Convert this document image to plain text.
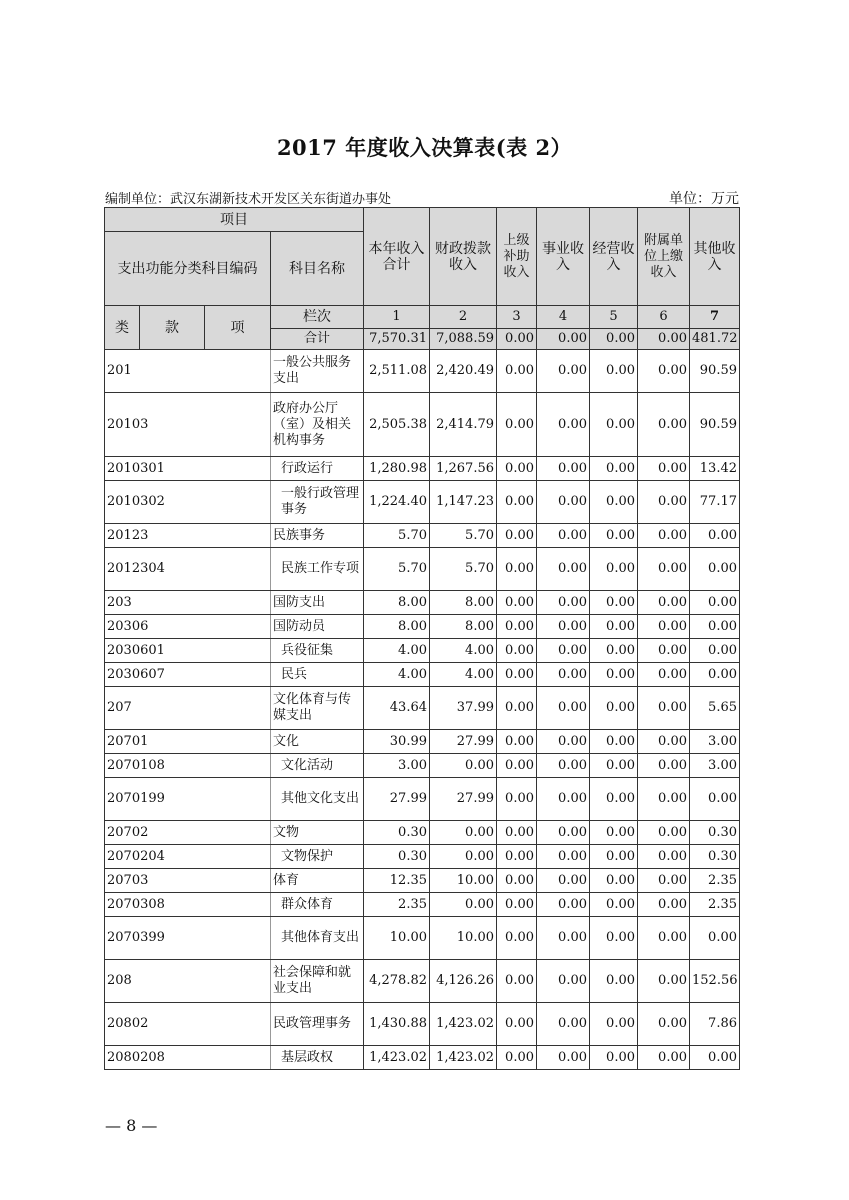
2017 年度收入决算表(表 2）
编制单位：武汉东湖新技术开发区关东街道办事处	单位：万元
项目				本年收入合计	财政拨款收入	上级补助收入	事业收入	经营收入	附属单位上缴收入	其他收入
支出功能分类科目编码			科目名称							

类	款	项	栏次	1	2	3	4	5	6	7
			合计	7,570.31	7,088.59	0.00	0.00	0.00	0.00	481.72
201			一般公共服务支出	2,511.08	2,420.49	0.00	0.00	0.00	0.00	90.59
20103			政府办公厅（室）及相关机构事务	2,505.38	2,414.79	0.00	0.00	0.00	0.00	90.59
2010301			行政运行	1,280.98	1,267.56	0.00	0.00	0.00	0.00	13.42
2010302			一般行政管理事务	1,224.40	1,147.23	0.00	0.00	0.00	0.00	77.17
20123			民族事务	5.70	5.70	0.00	0.00	0.00	0.00	0.00
2012304			民族工作专项	5.70	5.70	0.00	0.00	0.00	0.00	0.00
203			国防支出	8.00	8.00	0.00	0.00	0.00	0.00	0.00
20306			国防动员	8.00	8.00	0.00	0.00	0.00	0.00	0.00
2030601			兵役征集	4.00	4.00	0.00	0.00	0.00	0.00	0.00
2030607			民兵	4.00	4.00	0.00	0.00	0.00	0.00	0.00
207			文化体育与传媒支出	43.64	37.99	0.00	0.00	0.00	0.00	5.65
20701			文化	30.99	27.99	0.00	0.00	0.00	0.00	3.00
2070108			文化活动	3.00	0.00	0.00	0.00	0.00	0.00	3.00
2070199			其他文化支出	27.99	27.99	0.00	0.00	0.00	0.00	0.00
20702			文物	0.30	0.00	0.00	0.00	0.00	0.00	0.30
2070204			文物保护	0.30	0.00	0.00	0.00	0.00	0.00	0.30
20703			体育	12.35	10.00	0.00	0.00	0.00	0.00	2.35
2070308			群众体育	2.35	0.00	0.00	0.00	0.00	0.00	2.35
2070399			其他体育支出	10.00	10.00	0.00	0.00	0.00	0.00	0.00
208			社会保障和就业支出	4,278.82	4,126.26	0.00	0.00	0.00	0.00	152.56
20802			民政管理事务	1,430.88	1,423.02	0.00	0.00	0.00	0.00	7.86
2080208			基层政权	1,423.02	1,423.02	0.00	0.00	0.00	0.00	0.00
— 8 —
